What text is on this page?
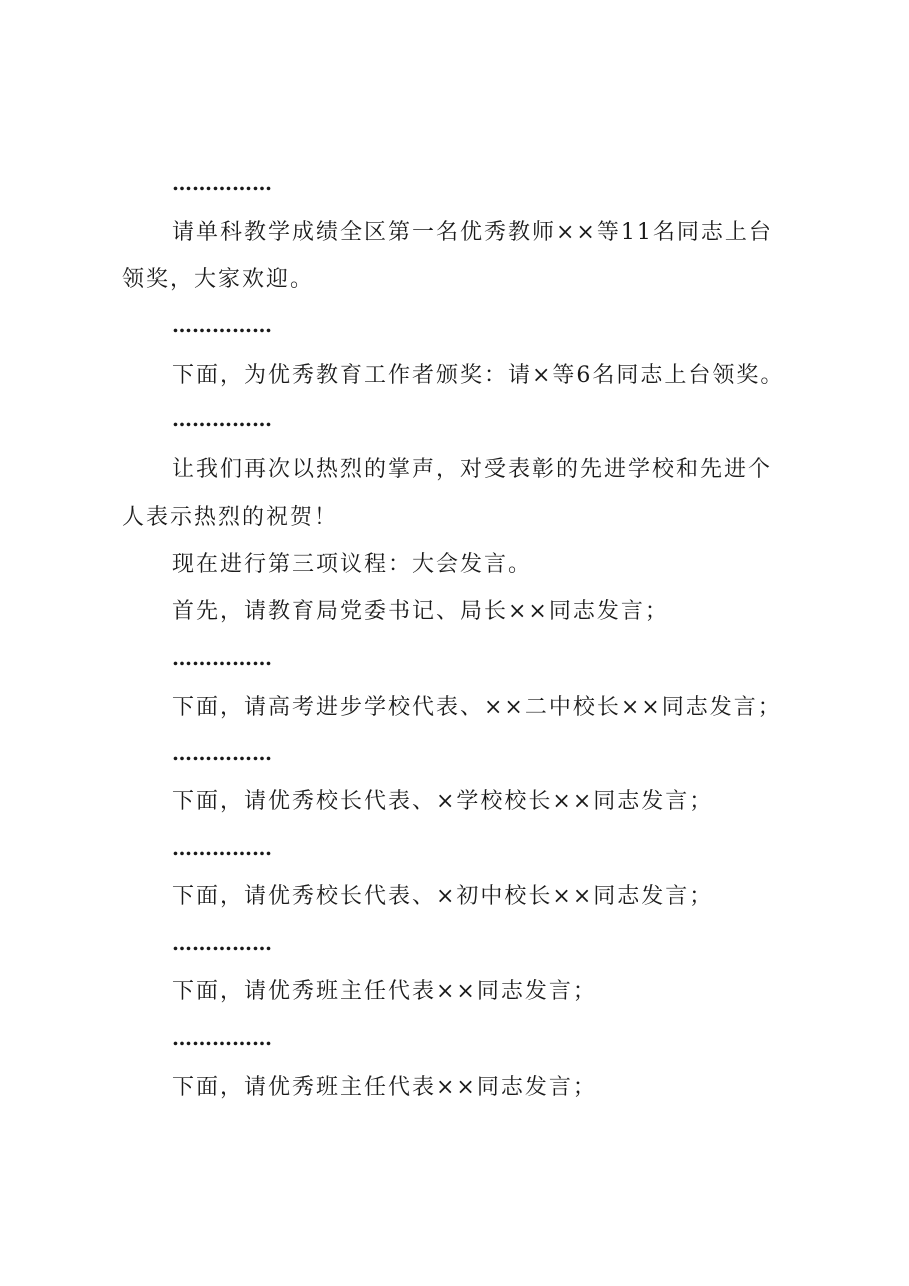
……………
请单科教学成绩全区第一名优秀教师××等11名同志上台
领奖，大家欢迎。
……………
下面，为优秀教育工作者颁奖：请×等6名同志上台领奖。
……………
让我们再次以热烈的掌声，对受表彰的先进学校和先进个
人表示热烈的祝贺！
现在进行第三项议程：大会发言。
首先，请教育局党委书记、局长××同志发言；
……………
下面，请高考进步学校代表、××二中校长××同志发言；
……………
下面，请优秀校长代表、×学校校长××同志发言；
……………
下面，请优秀校长代表、×初中校长××同志发言；
……………
下面，请优秀班主任代表××同志发言；
……………
下面，请优秀班主任代表××同志发言；
